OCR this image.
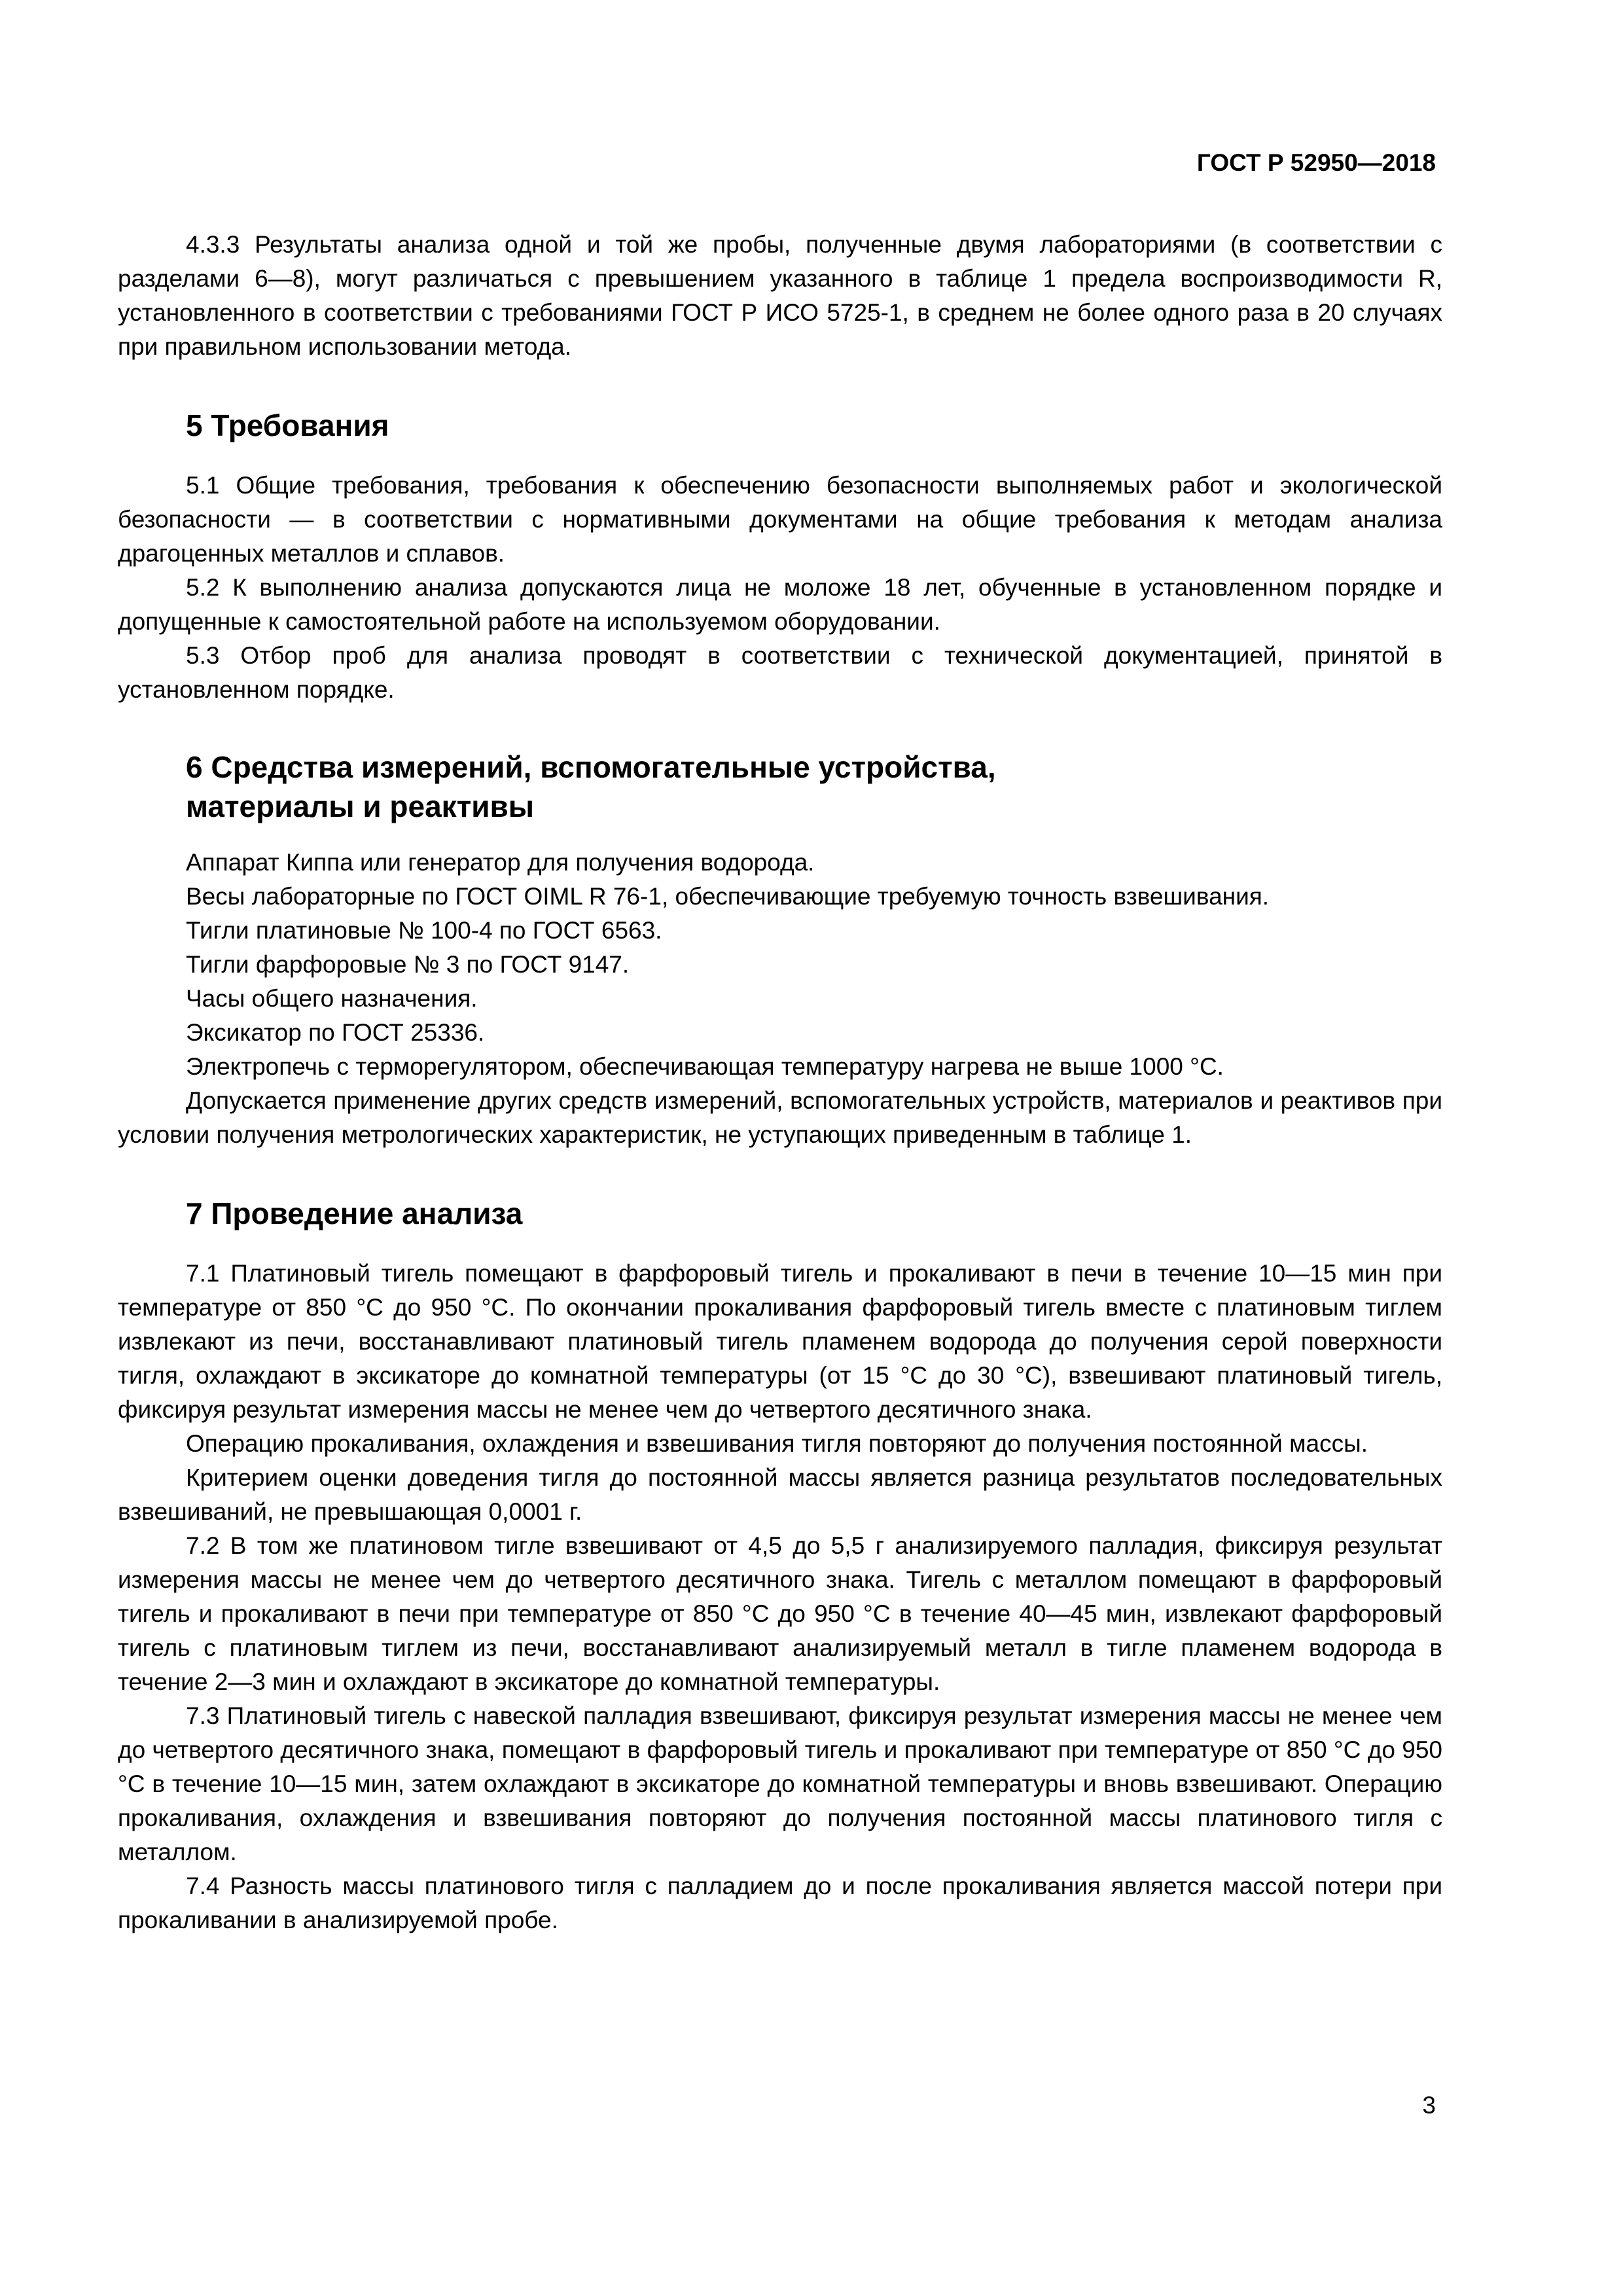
ГОСТ Р 52950—2018

4.3.3 Результаты анализа одной и той же пробы, полученные двумя лабораториями (в соответствии с разделами 6—8), могут различаться с превышением указанного в таблице 1 предела воспроизводимости R, установленного в соответствии с требованиями ГОСТ Р ИСО 5725-1, в среднем не более одного раза в 20 случаях при правильном использовании метода.

5 Требования

5.1 Общие требования, требования к обеспечению безопасности выполняемых работ и экологической безопасности — в соответствии с нормативными документами на общие требования к методам анализа драгоценных металлов и сплавов.

5.2 К выполнению анализа допускаются лица не моложе 18 лет, обученные в установленном порядке и допущенные к самостоятельной работе на используемом оборудовании.

5.3 Отбор проб для анализа проводят в соответствии с технической документацией, принятой в установленном порядке.

6 Средства измерений, вспомогательные устройства,

материалы и реактивы

Аппарат Киппа или генератор для получения водорода.

Весы лабораторные по ГОСТ OIML R 76-1, обеспечивающие требуемую точность взвешивания.

Тигли платиновые № 100-4 по ГОСТ 6563.

Тигли фарфоровые № 3 по ГОСТ 9147.

Часы общего назначения.

Эксикатор по ГОСТ 25336.

Электропечь с терморегулятором, обеспечивающая температуру нагрева не выше 1000 °С.

Допускается применение других средств измерений, вспомогательных устройств, материалов и реактивов при условии получения метрологических характеристик, не уступающих приведенным в таблице 1.

7 Проведение анализа

7.1 Платиновый тигель помещают в фарфоровый тигель и прокаливают в печи в течение 10—15 мин при температуре от 850 °С до 950 °С. По окончании прокаливания фарфоровый тигель вместе с платиновым тиглем извлекают из печи, восстанавливают платиновый тигель пламенем водорода до получения серой поверхности тигля, охлаждают в эксикаторе до комнатной температуры (от 15 °С до 30 °С), взвешивают платиновый тигель, фиксируя результат измерения массы не менее чем до четвертого десятичного знака.

Операцию прокаливания, охлаждения и взвешивания тигля повторяют до получения постоянной массы.

Критерием оценки доведения тигля до постоянной массы является разница результатов последовательных взвешиваний, не превышающая 0,0001 г.

7.2 В том же платиновом тигле взвешивают от 4,5 до 5,5 г анализируемого палладия, фиксируя результат измерения массы не менее чем до четвертого десятичного знака. Тигель с металлом помещают в фарфоровый тигель и прокаливают в печи при температуре от 850 °С до 950 °С в течение 40—45 мин, извлекают фарфоровый тигель с платиновым тиглем из печи, восстанавливают анализируемый металл в тигле пламенем водорода в течение 2—3 мин и охлаждают в эксикаторе до комнатной температуры.

7.3 Платиновый тигель с навеской палладия взвешивают, фиксируя результат измерения массы не менее чем до четвертого десятичного знака, помещают в фарфоровый тигель и прокаливают при температуре от 850 °С до 950 °С в течение 10—15 мин, затем охлаждают в эксикаторе до комнатной температуры и вновь взвешивают. Операцию прокаливания, охлаждения и взвешивания повторяют до получения постоянной массы платинового тигля с металлом.

7.4 Разность массы платинового тигля с палладием до и после прокаливания является массой потери при прокаливании в анализируемой пробе.

3
